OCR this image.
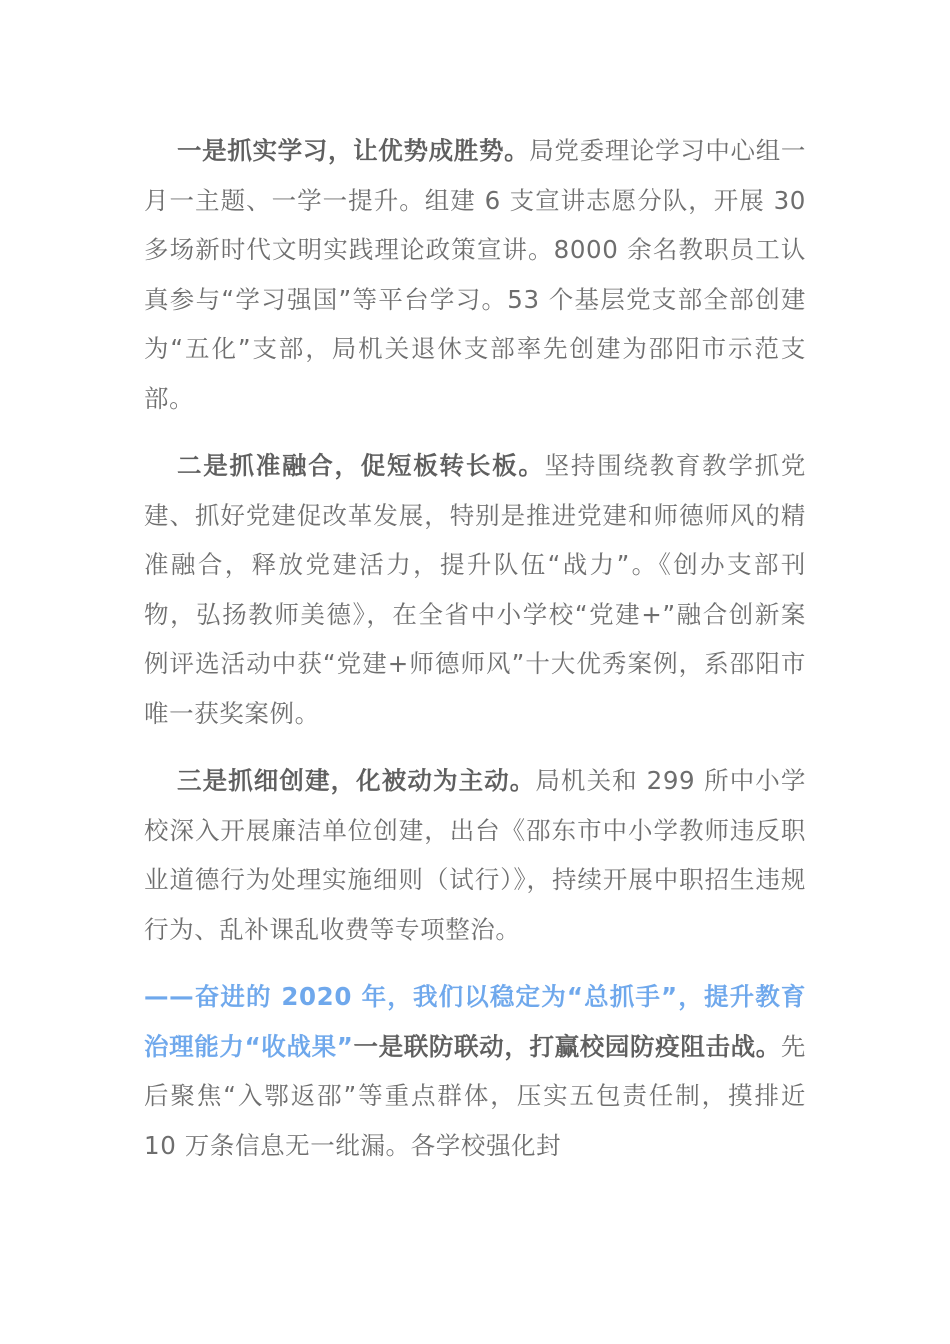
一是抓实学习，让优势成胜势。局党委理论学习中心组一月一主题、一学一提升。组建 6 支宣讲志愿分队，开展 30 多场新时代文明实践理论政策宣讲。8000 余名教职员工认真参与“学习强国”等平台学习。53 个基层党支部全部创建为“五化”支部，局机关退休支部率先创建为邵阳市示范支部。

二是抓准融合，促短板转长板。坚持围绕教育教学抓党建、抓好党建促改革发展，特别是推进党建和师德师风的精准融合，释放党建活力，提升队伍“战力”。《创办支部刊物，弘扬教师美德》，在全省中小学校“党建+”融合创新案例评选活动中获“党建+师德师风”十大优秀案例，系邵阳市唯一获奖案例。

三是抓细创建，化被动为主动。局机关和 299 所中小学校深入开展廉洁单位创建，出台《邵东市中小学教师违反职业道德行为处理实施细则（试行）》，持续开展中职招生违规行为、乱补课乱收费等专项整治。

——奋进的 2020 年，我们以稳定为“总抓手”，提升教育治理能力“收战果”一是联防联动，打赢校园防疫阻击战。先后聚焦“入鄂返邵”等重点群体，压实五包责任制，摸排近 10 万条信息无一纰漏。各学校强化封
